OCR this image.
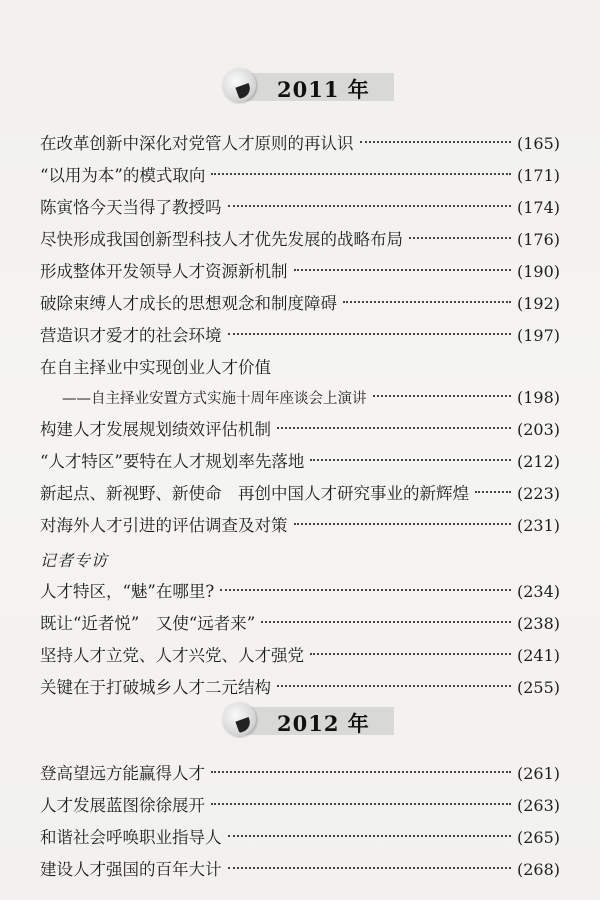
2011 年
在改革创新中深化对党管人才原则的再认识	(165)
“以用为本”的模式取向	(171)
陈寅恪今天当得了教授吗	(174)
尽快形成我国创新型科技人才优先发展的战略布局	(176)
形成整体开发领导人才资源新机制	(190)
破除束缚人才成长的思想观念和制度障碍	(192)
营造识才爱才的社会环境	(197)
在自主择业中实现创业人才价值
——自主择业安置方式实施十周年座谈会上演讲	(198)
构建人才发展规划绩效评估机制	(203)
“人才特区”要特在人才规划率先落地	(212)
新起点、新视野、新使命　再创中国人才研究事业的新辉煌	(223)
对海外人才引进的评估调查及对策	(231)
记者专访
人才特区，“魅”在哪里?	(234)
既让“近者悦”　又使“远者来”	(238)
坚持人才立党、人才兴党、人才强党	(241)
关键在于打破城乡人才二元结构	(255)
2012 年
登高望远方能赢得人才	(261)
人才发展蓝图徐徐展开	(263)
和谐社会呼唤职业指导人	(265)
建设人才强国的百年大计	(268)
